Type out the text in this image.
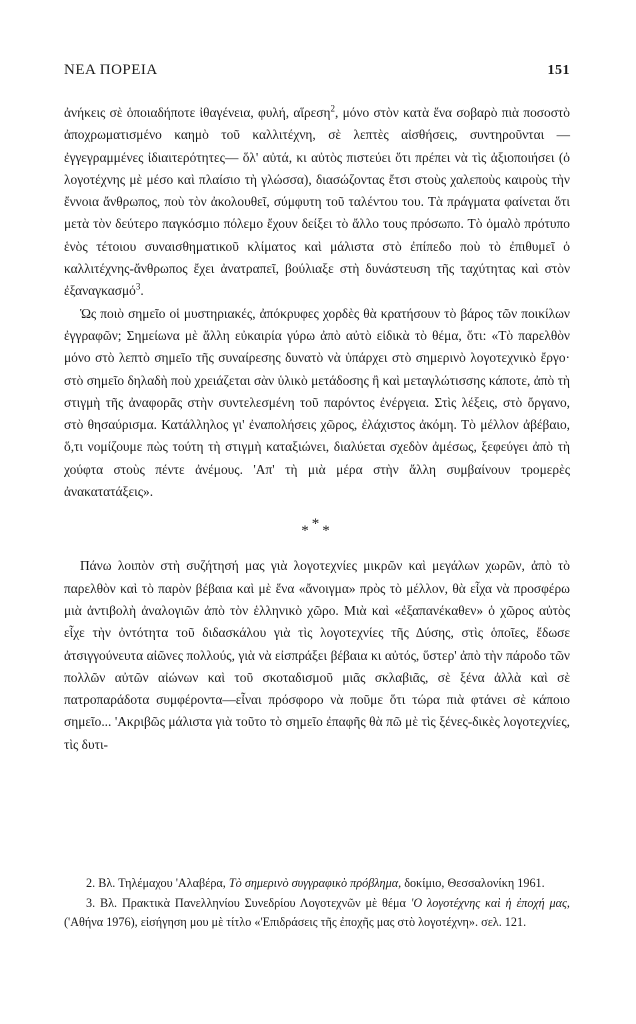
ΝΕΑ ΠΟΡΕΙΑ	151

ἀνήκεις σὲ ὁποιαδήποτε ἰθαγένεια, φυλή, αἵρεση$^2$, μόνο στὸν κατὰ ἕνα σοβαρὸ πιὰ ποσοστὸ ἀποχρωματισμένο καημὸ τοῦ καλλιτέχνη, σὲ λεπτὲς αἰσθήσεις, συντηροῦνται —ἐγγεγραμμένες ἰδιαιτερότητες— ὅλ' αὐτά, κι αὐτὸς πιστεύει ὅτι πρέπει νὰ τὶς ἀξιοποιήσει (ὁ λογοτέχνης μὲ μέσο καὶ πλαίσιο τὴ γλώσσα), διασώζοντας ἔτσι στοὺς χαλεποὺς καιροὺς τὴν ἔννοια ἄνθρωπος, ποὺ τὸν ἀκολουθεῖ, σύμφυτη τοῦ ταλέντου του. Τὰ πράγματα φαίνεται ὅτι μετὰ τὸν δεύτερο παγκόσμιο πόλεμο ἔχουν δείξει τὸ ἄλλο τους πρόσωπο. Τὸ ὁμαλὸ πρότυπο ἑνὸς τέτοιου συναισθηματικοῦ κλίματος καὶ μάλιστα στὸ ἐπίπεδο ποὺ τὸ ἐπιθυμεῖ ὁ καλλιτέχνης-ἄνθρωπος ἔχει ἀνατραπεῖ, βούλιαξε στὴ δυνάστευση τῆς ταχύτητας καὶ στὸν ἐξαναγκασμό$^3$.

Ὡς ποιὸ σημεῖο οἱ μυστηριακές, ἀπόκρυφες χορδὲς θὰ κρατήσουν τὸ βάρος τῶν ποικίλων ἐγγραφῶν; Σημείωνα μὲ ἄλλη εὐκαιρία γύρω ἀπὸ αὐτὸ εἰδικὰ τὸ θέμα, ὅτι: «Τὸ παρελθὸν μόνο στὸ λεπτὸ σημεῖο τῆς συναίρεσης δυνατὸ νὰ ὑπάρχει στὸ σημερινὸ λογοτεχνικὸ ἔργο· στὸ σημεῖο δηλαδὴ ποὺ χρειάζεται σὰν ὑλικὸ μετάδοσης ἢ καὶ μεταγλώτισσης κάποτε, ἀπὸ τὴ στιγμὴ τῆς ἀναφορᾶς στὴν συντελεσμένη τοῦ παρόντος ἐνέργεια. Στὶς λέξεις, στὸ ὄργανο, στὸ θησαύρισμα. Κατάλληλος γι' ἐναπολήσεις χῶρος, ἐλάχιστος ἀκόμη. Τὸ μέλλον ἀβέβαιο, ὅ,τι νομίζουμε πὼς τούτη τὴ στιγμὴ καταξιώνει, διαλύεται σχεδὸν ἀμέσως, ξεφεύγει ἀπὸ τὴ χούφτα στοὺς πέντε ἀνέμους. 'Απ' τὴ μιὰ μέρα στὴν ἄλλη συμβαίνουν τρομερὲς ἀνακατατάξεις».

***

Πάνω λοιπὸν στὴ συζήτησή μας γιὰ λογοτεχνίες μικρῶν καὶ μεγάλων χωρῶν, ἀπὸ τὸ παρελθὸν καὶ τὸ παρὸν βέβαια καὶ μὲ ἕνα «ἄνοιγμα» πρὸς τὸ μέλλον, θὰ εἶχα νὰ προσφέρω μιὰ ἀντιβολὴ ἀναλογιῶν ἀπὸ τὸν ἑλληνικὸ χῶρο. Μιὰ καὶ «ἐξαπανέκαθεν» ὁ χῶρος αὐτὸς εἶχε τὴν ὀντότητα τοῦ διδασκάλου γιὰ τὶς λογοτεχνίες τῆς Δύσης, στὶς ὁποῖες, ἔδωσε ἀτσιγγούνευτα αἰῶνες πολλούς, γιὰ νὰ εἰσπράξει βέβαια κι αὐτός, ὕστερ' ἀπὸ τὴν πάροδο τῶν πολλῶν αὐτῶν αἰώνων καὶ τοῦ σκοταδισμοῦ μιᾶς σκλαβιᾶς, σὲ ξένα ἀλλὰ καὶ σὲ πατροπαράδοτα συμφέροντα—εἶναι πρόσφορο νὰ ποῦμε ὅτι τώρα πιὰ φτάνει σὲ κάποιο σημεῖο... 'Ακριβῶς μάλιστα γιὰ τοῦτο τὸ σημεῖο ἐπαφῆς θὰ πῶ μὲ τὶς ξένες-δικὲς λογοτεχνίες, τὶς δυτι-

2. Βλ. Τηλέμαχου 'Αλαβέρα, Τὸ σημερινὸ συγγραφικὸ πρόβλημα, δοκίμιο, Θεσσαλονίκη 1961.

3. Βλ. Πρακτικὰ Πανελληνίου Συνεδρίου Λογοτεχνῶν μὲ θέμα 'Ο λογοτέχνης καὶ ἡ ἐποχή μας, ('Αθήνα 1976), εἰσήγηση μου μὲ τίτλο «'Επιδράσεις τῆς ἐποχῆς μας στὸ λογοτέχνη». σελ. 121.
